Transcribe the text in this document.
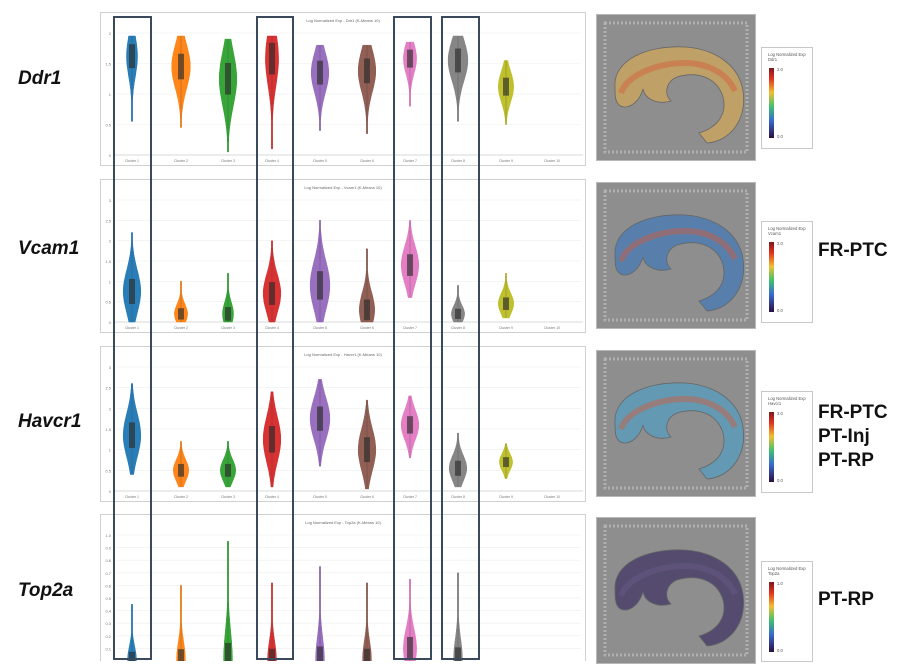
Ddr1
Log Normalized Exp - Ddr1 (K-Means 10)
2
1.5
1
0.5
0
Cluster 1	Cluster 2	Cluster 3	Cluster 4	Cluster 5	Cluster 6	Cluster 7	Cluster 8	Cluster 9	Cluster 10
Log Normalized Exp
Ddr1
2.0
0.0
Vcam1
Log Normalized Exp - Vcam1 (K-Means 10)
3
2.5
2
1.5
1
0.5
0
Cluster 1	Cluster 2	Cluster 3	Cluster 4	Cluster 5	Cluster 6	Cluster 7	Cluster 8	Cluster 9	Cluster 10
Log Normalized Exp
Vcam1
2.0
0.0
FR-PTC
Havcr1
Log Normalized Exp - Havcr1 (K-Means 10)
3
2.5
2
1.5
1
0.5
0
Cluster 1	Cluster 2	Cluster 3	Cluster 4	Cluster 5	Cluster 6	Cluster 7	Cluster 8	Cluster 9	Cluster 10
Log Normalized Exp
Havcr1
3.0
0.0
FR-PTC
PT-Inj
PT-RP
Top2a
Log Normalized Exp - Top2a (K-Means 10)
1.0
0.9
0.8
0.7
0.6
0.5
0.4
0.3
0.2
0.1
Log Normalized Exp
Top2a
1.0
0.0
PT-RP
